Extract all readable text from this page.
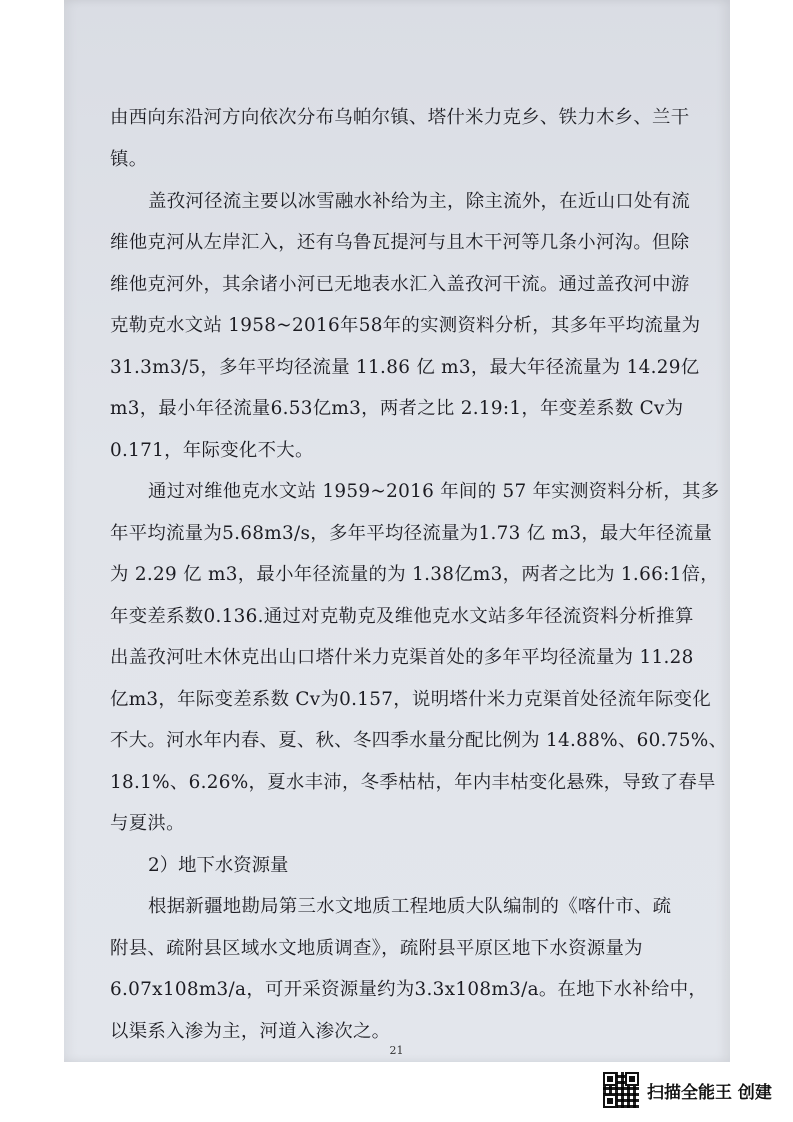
由西向东沿河方向依次分布乌帕尔镇、塔什米力克乡、铁力木乡、兰干
镇。
盖孜河径流主要以冰雪融水补给为主，除主流外，在近山口处有流
维他克河从左岸汇入，还有乌鲁瓦提河与且木干河等几条小河沟。但除
维他克河外，其余诸小河已无地表水汇入盖孜河干流。通过盖孜河中游
克勒克水文站 1958~2016年58年的实测资料分析，其多年平均流量为
31.3m3/5，多年平均径流量 11.86 亿 m3，最大年径流量为 14.29亿
m3，最小年径流量6.53亿m3，两者之比 2.19:1，年变差系数 Cv为
0.171，年际变化不大。
通过对维他克水文站 1959~2016 年间的 57 年实测资料分析，其多
年平均流量为5.68m3/s，多年平均径流量为1.73 亿 m3，最大年径流量
为 2.29 亿 m3，最小年径流量的为 1.38亿m3，两者之比为 1.66:1倍，
年变差系数0.136.通过对克勒克及维他克水文站多年径流资料分析推算
出盖孜河吐木休克出山口塔什米力克渠首处的多年平均径流量为 11.28
亿m3，年际变差系数 Cv为0.157，说明塔什米力克渠首处径流年际变化
不大。河水年内春、夏、秋、冬四季水量分配比例为 14.88%、60.75%、
18.1%、6.26%，夏水丰沛，冬季枯枯，年内丰枯变化悬殊，导致了春旱
与夏洪。
2）地下水资源量
根据新疆地勘局第三水文地质工程地质大队编制的《喀什市、疏
附县、疏附县区域水文地质调查》，疏附县平原区地下水资源量为
6.07x108m3/a，可开采资源量约为3.3x108m3/a。在地下水补给中，
以渠系入渗为主，河道入渗次之。
21
扫描全能王 创建
